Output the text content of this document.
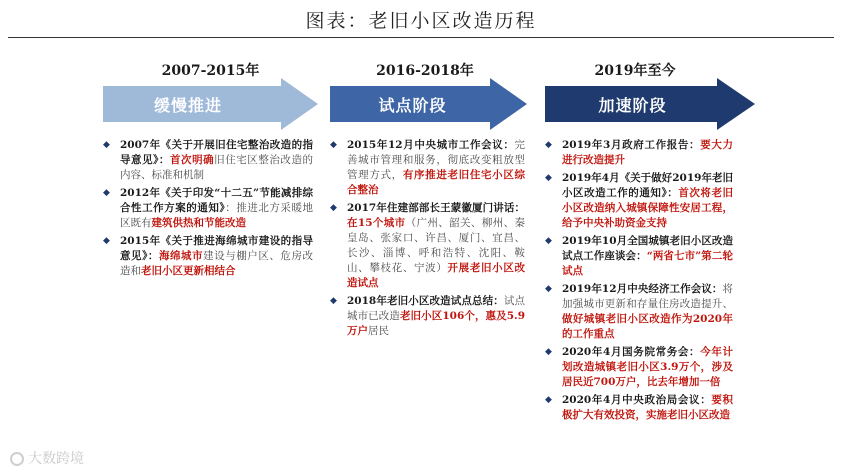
图表：老旧小区改造历程
2007-2015年
缓慢推进
◆ 2007年《关于开展旧住宅整治改造的指导意见》：首次明确旧住宅区整治改造的内容、标准和机制
◆ 2012年《关于印发“十二五”节能减排综合性工作方案的通知》：推进北方采暖地区既有建筑供热和节能改造
◆ 2015年《关于推进海绵城市建设的指导意见》：海绵城市建设与棚户区、危房改造和老旧小区更新相结合
2016-2018年
试点阶段
◆ 2015年12月中央城市工作会议：完善城市管理和服务，彻底改变粗放型管理方式，有序推进老旧住宅小区综合整治
◆ 2017年住建部部长王蒙徽厦门讲话：在15个城市（广州、韶关、柳州、秦皇岛、张家口、许昌、厦门、宜昌、长沙、淄博、呼和浩特、沈阳、鞍山、攀枝花、宁波）开展老旧小区改造试点
◆ 2018年老旧小区改造试点总结：试点城市已改造老旧小区106个，惠及5.9万户居民
2019年至今
加速阶段
◆ 2019年3月政府工作报告：要大力进行改造提升
◆ 2019年4月《关于做好2019年老旧小区改造工作的通知》：首次将老旧小区改造纳入城镇保障性安居工程，给予中央补助资金支持
◆ 2019年10月全国城镇老旧小区改造试点工作座谈会：“两省七市”第二轮试点
◆ 2019年12月中央经济工作会议：将加强城市更新和存量住房改造提升、做好城镇老旧小区改造作为2020年的工作重点
◆ 2020年4月国务院常务会：今年计划改造城镇老旧小区3.9万个，涉及居民近700万户，比去年增加一倍
◆ 2020年4月中央政治局会议：要积极扩大有效投资，实施老旧小区改造
大数跨境
